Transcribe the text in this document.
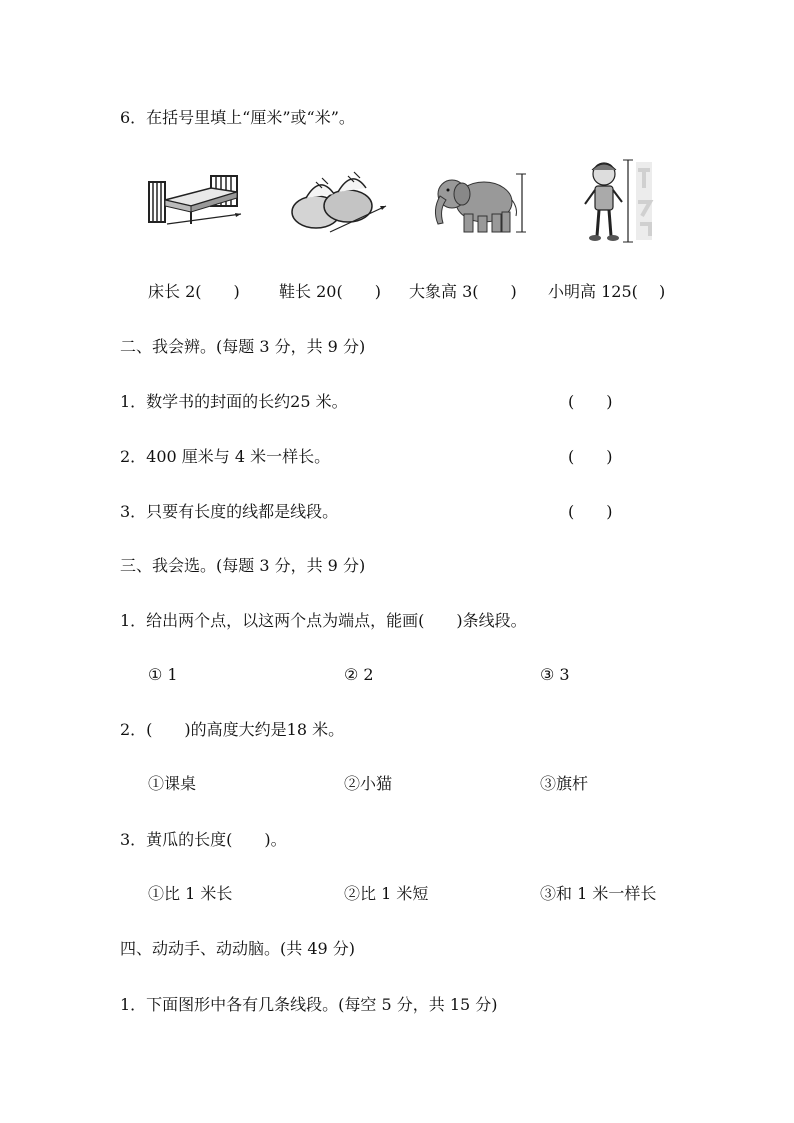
6．在括号里填上“厘米”或“米”。
床长 2(　　) 鞋长 20(　　) 大象高 3(　　) 小明高 125(　 )
二、我会辨。(每题 3 分，共 9 分)
1．数学书的封面的长约25 米。	(　　)
2．400 厘米与 4 米一样长。	(　　)
3．只要有长度的线都是线段。	(　　)
三、我会选。(每题 3 分，共 9 分)
1．给出两个点，以这两个点为端点，能画(　　)条线段。
① 1	② 2	③ 3
2．(　　)的高度大约是18 米。
①课桌	②小猫	③旗杆
3．黄瓜的长度(　　)。
①比 1 米长	②比 1 米短	③和 1 米一样长
四、动动手、动动脑。(共 49 分)
1．下面图形中各有几条线段。(每空 5 分，共 15 分)
